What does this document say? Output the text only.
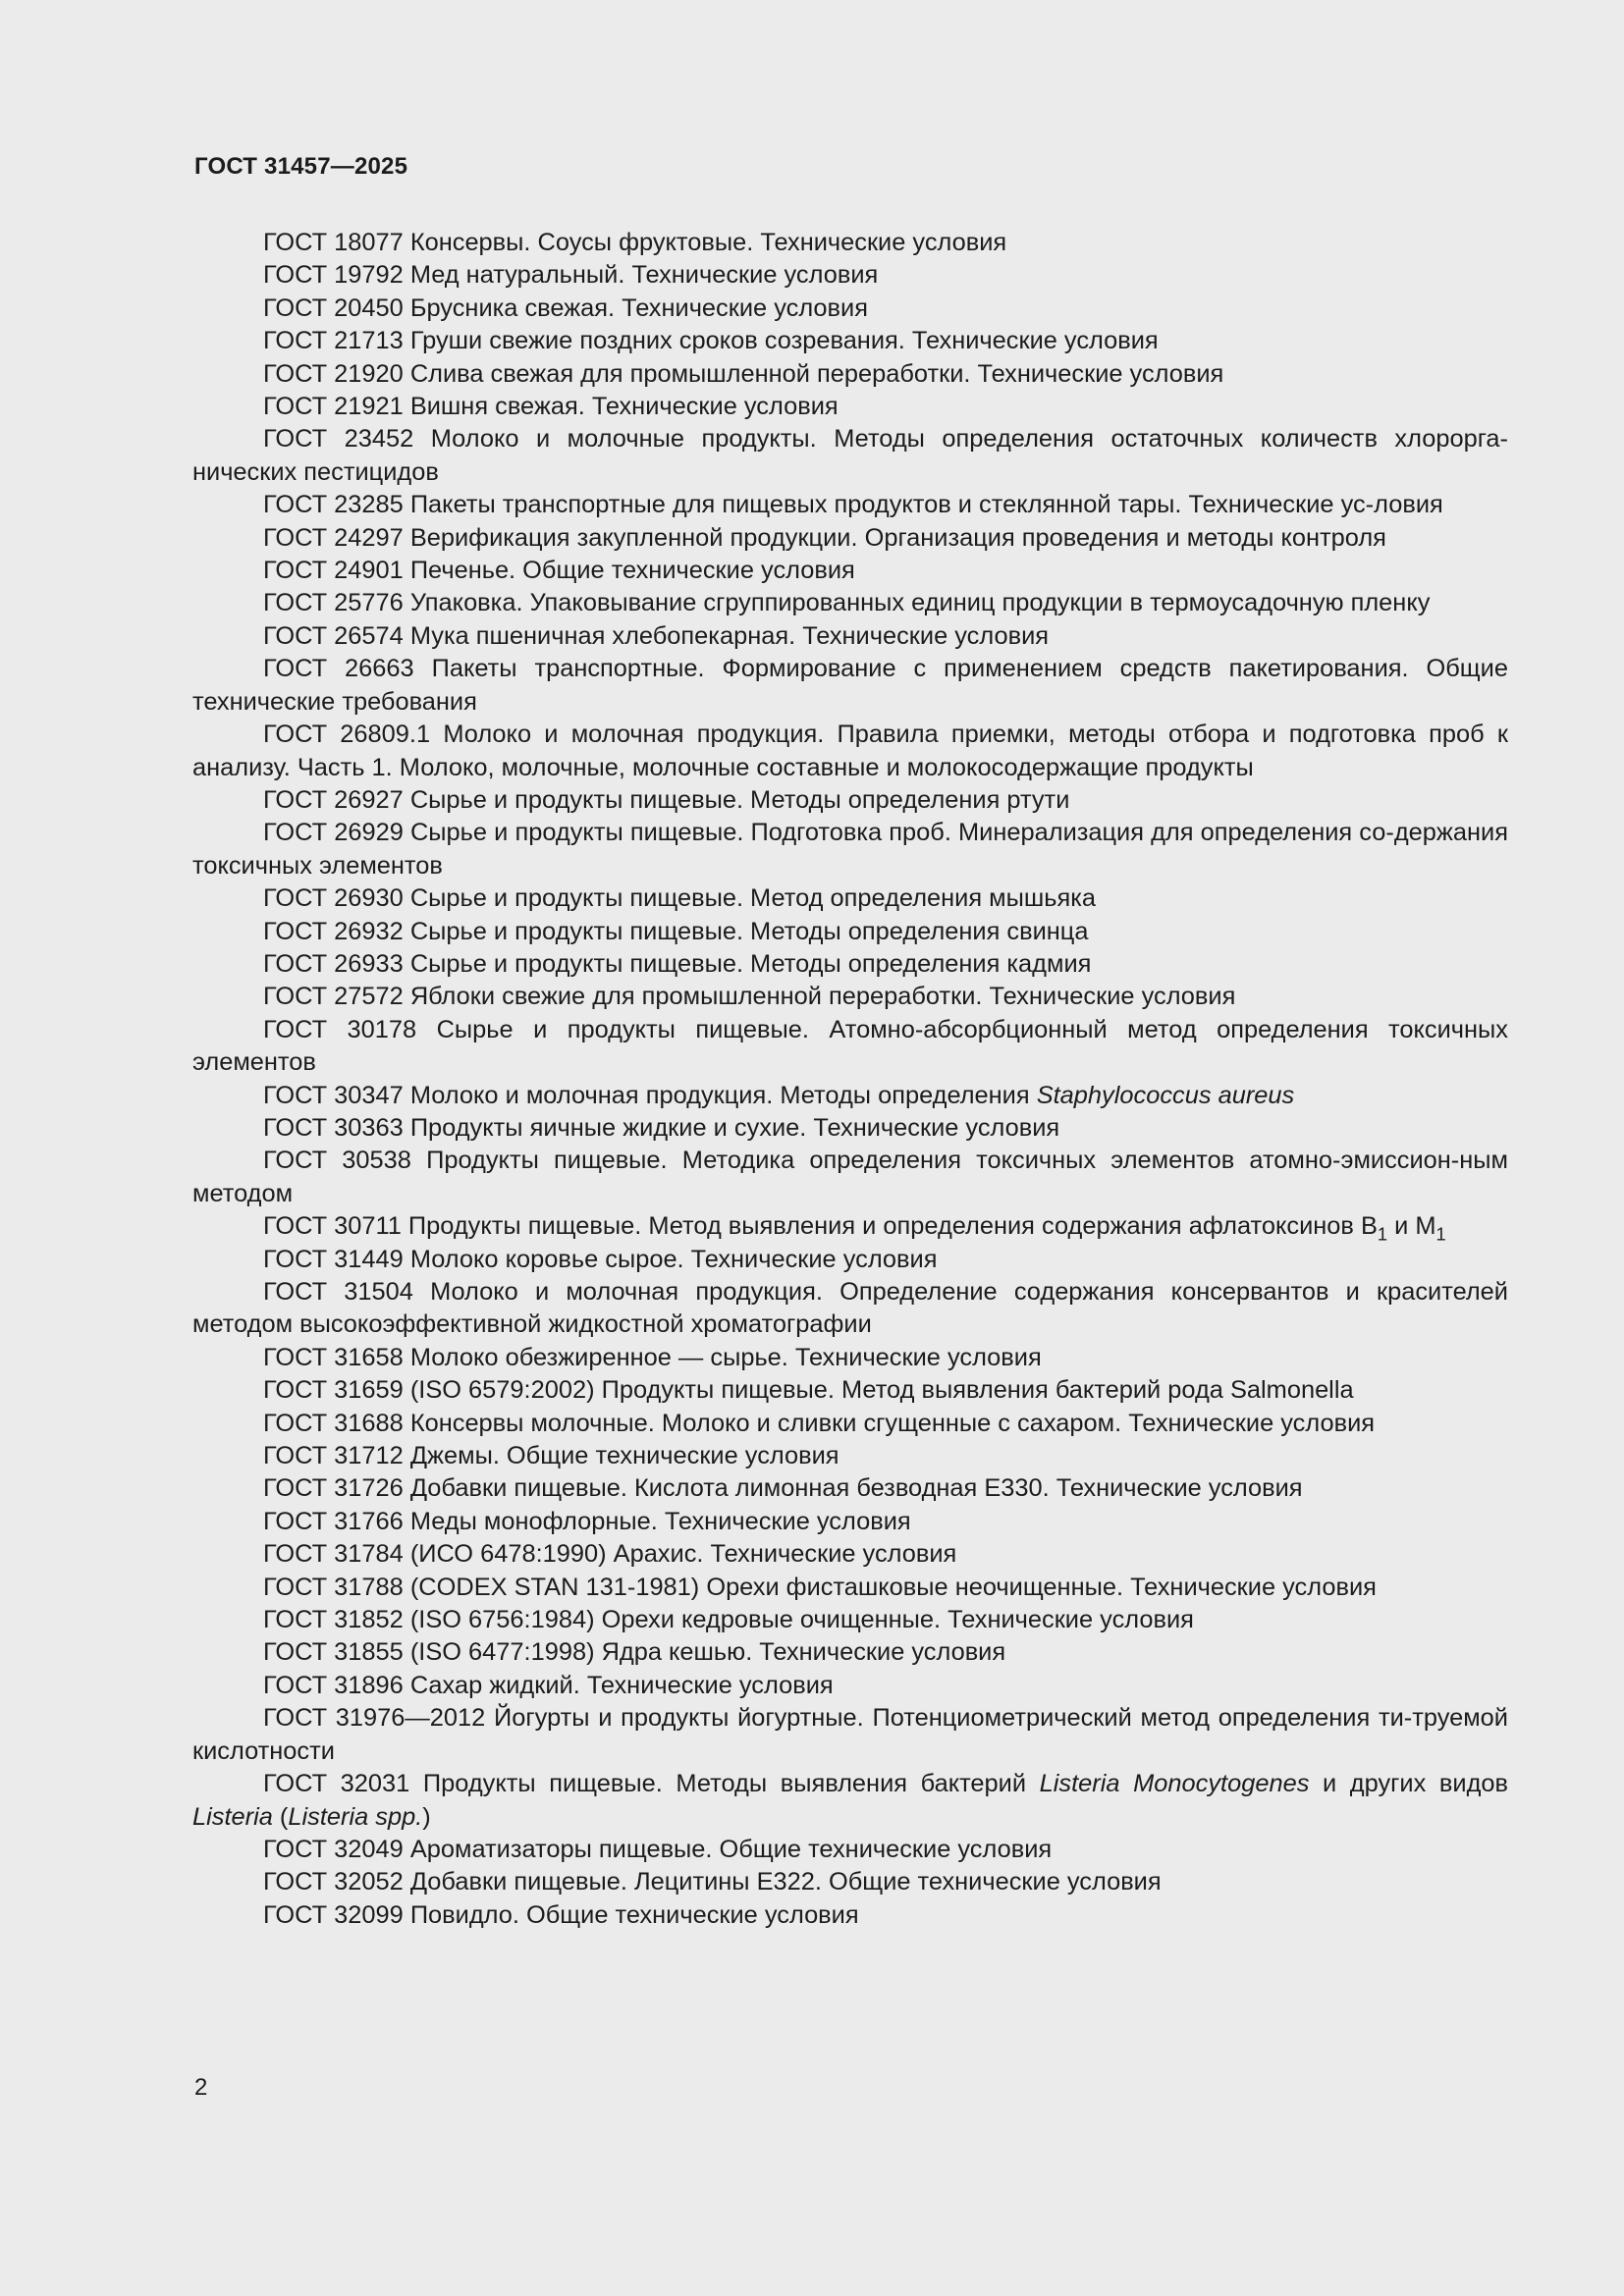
ГОСТ 31457—2025

ГОСТ 18077 Консервы. Соусы фруктовые. Технические условия

ГОСТ 19792 Мед натуральный. Технические условия

ГОСТ 20450 Брусника свежая. Технические условия

ГОСТ 21713 Груши свежие поздних сроков созревания. Технические условия

ГОСТ 21920 Слива свежая для промышленной переработки. Технические условия

ГОСТ 21921 Вишня свежая. Технические условия

ГОСТ 23452 Молоко и молочные продукты. Методы определения остаточных количеств хлорорга-нических пестицидов

ГОСТ 23285 Пакеты транспортные для пищевых продуктов и стеклянной тары. Технические ус-ловия

ГОСТ 24297 Верификация закупленной продукции. Организация проведения и методы контроля

ГОСТ 24901 Печенье. Общие технические условия

ГОСТ 25776 Упаковка. Упаковывание сгруппированных единиц продукции в термоусадочную пленку

ГОСТ 26574 Мука пшеничная хлебопекарная. Технические условия

ГОСТ 26663 Пакеты транспортные. Формирование с применением средств пакетирования. Общие технические требования

ГОСТ 26809.1 Молоко и молочная продукция. Правила приемки, методы отбора и подготовка проб к анализу. Часть 1. Молоко, молочные, молочные составные и молокосодержащие продукты

ГОСТ 26927 Сырье и продукты пищевые. Методы определения ртути

ГОСТ 26929 Сырье и продукты пищевые. Подготовка проб. Минерализация для определения со-держания токсичных элементов

ГОСТ 26930 Сырье и продукты пищевые. Метод определения мышьяка

ГОСТ 26932 Сырье и продукты пищевые. Методы определения свинца

ГОСТ 26933 Сырье и продукты пищевые. Методы определения кадмия

ГОСТ 27572 Яблоки свежие для промышленной переработки. Технические условия

ГОСТ 30178 Сырье и продукты пищевые. Атомно-абсорбционный метод определения токсичных элементов

ГОСТ 30347 Молоко и молочная продукция. Методы определения Staphylococcus aureus

ГОСТ 30363 Продукты яичные жидкие и сухие. Технические условия

ГОСТ 30538 Продукты пищевые. Методика определения токсичных элементов атомно-эмиссион-ным методом

ГОСТ 30711 Продукты пищевые. Метод выявления и определения содержания афлатоксинов $B_1$ и $M_1$

ГОСТ 31449 Молоко коровье сырое. Технические условия

ГОСТ 31504 Молоко и молочная продукция. Определение содержания консервантов и красителей методом высокоэффективной жидкостной хроматографии

ГОСТ 31658 Молоко обезжиренное — сырье. Технические условия

ГОСТ 31659 (ISO 6579:2002) Продукты пищевые. Метод выявления бактерий рода Salmonella

ГОСТ 31688 Консервы молочные. Молоко и сливки сгущенные с сахаром. Технические условия

ГОСТ 31712 Джемы. Общие технические условия

ГОСТ 31726 Добавки пищевые. Кислота лимонная безводная Е330. Технические условия

ГОСТ 31766 Меды монофлорные. Технические условия

ГОСТ 31784 (ИСО 6478:1990) Арахис. Технические условия

ГОСТ 31788 (CODEX STAN 131-1981) Орехи фисташковые неочищенные. Технические условия

ГОСТ 31852 (ISO 6756:1984) Орехи кедровые очищенные. Технические условия

ГОСТ 31855 (ISO 6477:1998) Ядра кешью. Технические условия

ГОСТ 31896 Сахар жидкий. Технические условия

ГОСТ 31976—2012 Йогурты и продукты йогуртные. Потенциометрический метод определения ти-труемой кислотности

ГОСТ 32031 Продукты пищевые. Методы выявления бактерий Listeria Monocytogenes и других видов Listeria (Listeria spp.)

ГОСТ 32049 Ароматизаторы пищевые. Общие технические условия

ГОСТ 32052 Добавки пищевые. Лецитины Е322. Общие технические условия

ГОСТ 32099 Повидло. Общие технические условия

2
